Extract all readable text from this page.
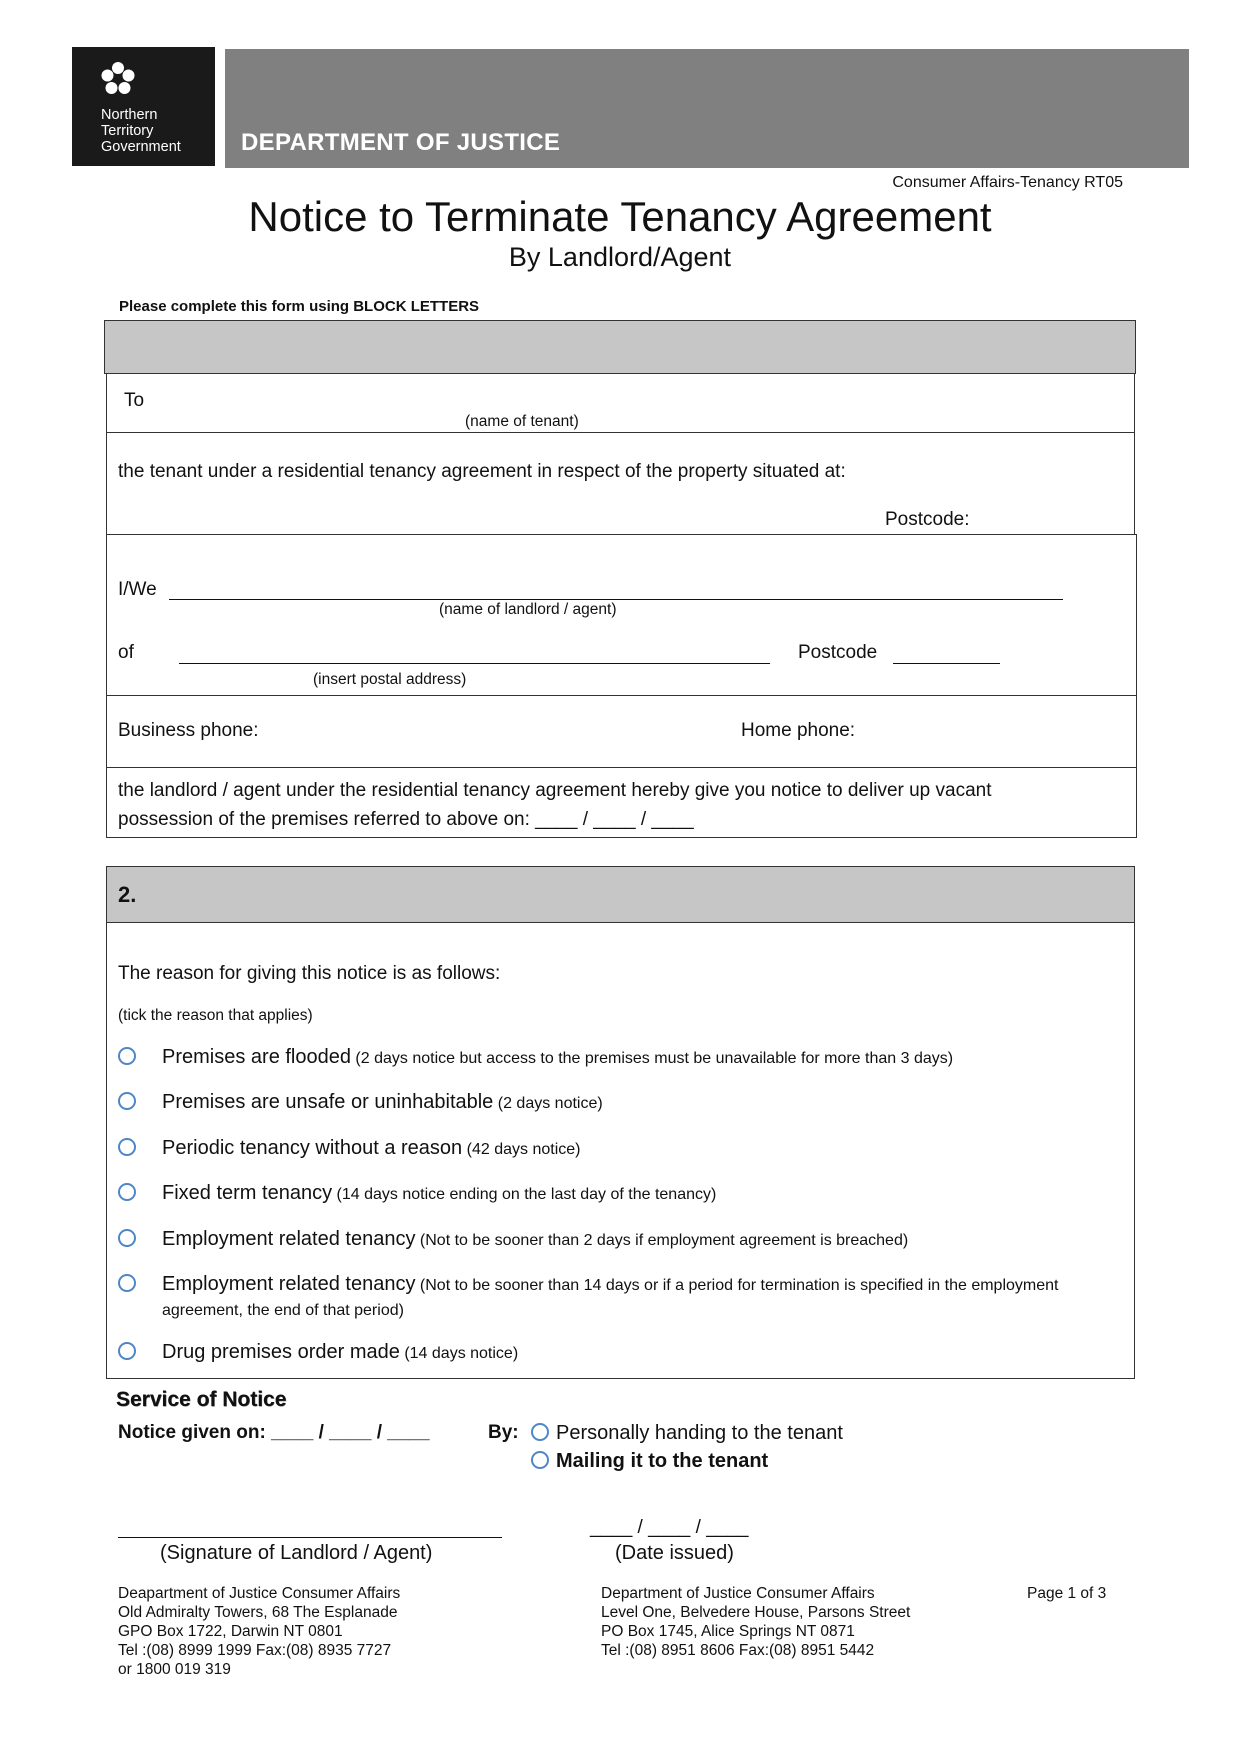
Northern
Territory
Government	DEPARTMENT OF JUSTICE
Consumer Affairs-Tenancy RT05
Notice to Terminate Tenancy Agreement
By Landlord/Agent
Please complete this form using BLOCK LETTERS
To
(name of tenant)
the tenant under a residential tenancy agreement in respect of the property situated at:
Postcode:
I/We
(name of landlord / agent)
of	Postcode
(insert postal address)
Business phone:	Home phone:
the landlord / agent under the residential tenancy agreement hereby give you notice to deliver up vacant
possession of the premises referred to above on: ____ / ____ / ____
2.
The reason for giving this notice is as follows:
(tick the reason that applies)
Premises are flooded (2 days notice but access to the premises must be unavailable for more than 3 days)
Premises are unsafe or uninhabitable (2 days notice)
Periodic tenancy without a reason (42 days notice)
Fixed term tenancy (14 days notice ending on the last day of the tenancy)
Employment related tenancy (Not to be sooner than 2 days if employment agreement is breached)
Employment related tenancy (Not to be sooner than 14 days or if a period for termination is specified in the employment
agreement, the end of that period)
Drug premises order made (14 days notice)
Service of Notice
Notice given on: ____ / ____ / ____	By: Personally handing to the tenant
Mailing it to the tenant
____ / ____ / ____
(Signature of Landlord / Agent)	(Date issued)
Deapartment of Justice Consumer Affairs
Old Admiralty Towers, 68 The Esplanade
GPO Box 1722, Darwin NT 0801
Tel :(08) 8999 1999 Fax:(08) 8935 7727
or 1800 019 319
Department of Justice Consumer Affairs
Level One, Belvedere House, Parsons Street
PO Box 1745, Alice Springs NT 0871
Tel :(08) 8951 8606 Fax:(08) 8951 5442
Page 1 of 3
